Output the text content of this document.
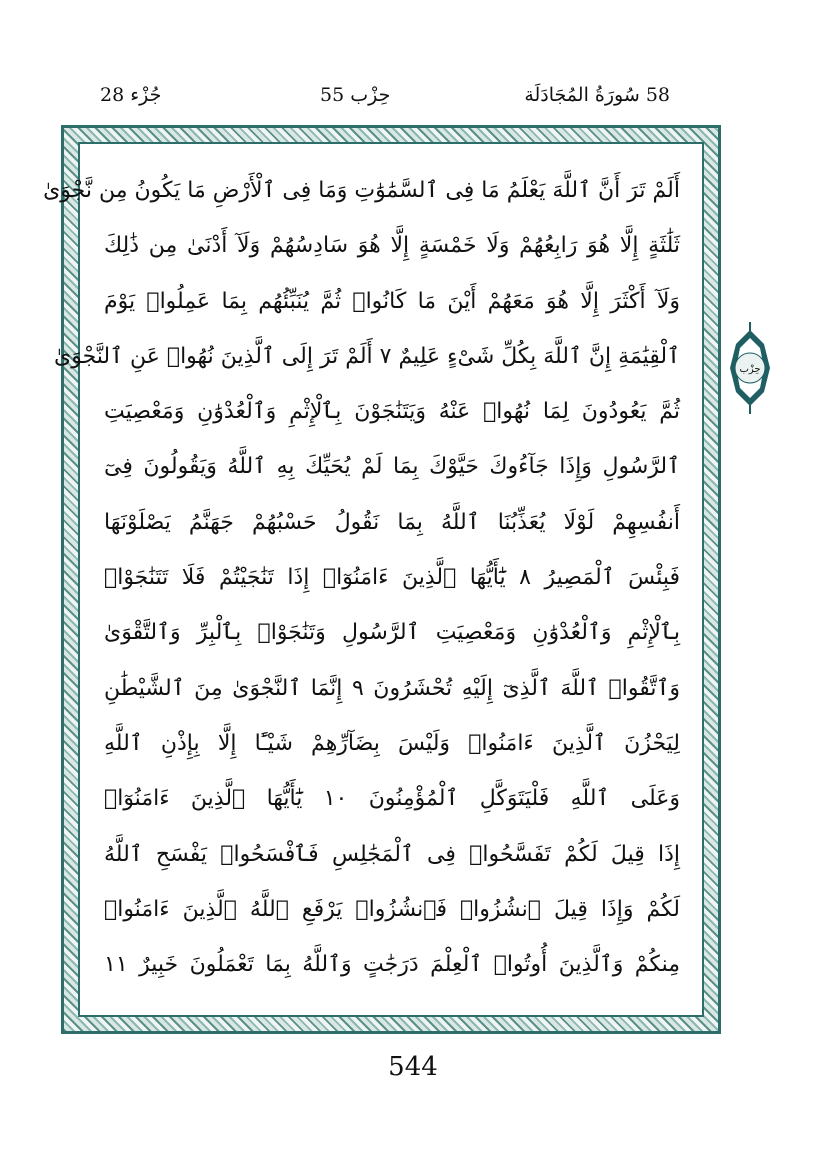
جُزْء 28	حِزْب 55	58 سُورَةُ المُجَادَلَة
أَلَمْ تَرَ أَنَّ ٱللَّهَ يَعْلَمُ مَا فِى ٱلسَّمَٰوَٰتِ وَمَا فِى ٱلْأَرْضِ مَا يَكُونُ مِن نَّجْوَىٰ
ثَلَٰثَةٍ إِلَّا هُوَ رَابِعُهُمْ وَلَا خَمْسَةٍ إِلَّا هُوَ سَادِسُهُمْ وَلَآ أَدْنَىٰ مِن ذَٰلِكَ
وَلَآ أَكْثَرَ إِلَّا هُوَ مَعَهُمْ أَيْنَ مَا كَانُوا۟ ثُمَّ يُنَبِّئُهُم بِمَا عَمِلُوا۟ يَوْمَ
ٱلْقِيَٰمَةِ إِنَّ ٱللَّهَ بِكُلِّ شَىْءٍ عَلِيمٌ ٧ أَلَمْ تَرَ إِلَى ٱلَّذِينَ نُهُوا۟ عَنِ ٱلنَّجْوَىٰ
ثُمَّ يَعُودُونَ لِمَا نُهُوا۟ عَنْهُ وَيَتَنَٰجَوْنَ بِٱلْإِثْمِ وَٱلْعُدْوَٰنِ وَمَعْصِيَتِ
ٱلرَّسُولِ وَإِذَا جَآءُوكَ حَيَّوْكَ بِمَا لَمْ يُحَيِّكَ بِهِ ٱللَّهُ وَيَقُولُونَ فِىٓ
أَنفُسِهِمْ لَوْلَا يُعَذِّبُنَا ٱللَّهُ بِمَا نَقُولُ حَسْبُهُمْ جَهَنَّمُ يَصْلَوْنَهَا
فَبِئْسَ ٱلْمَصِيرُ ٨ يَٰٓأَيُّهَا ٱلَّذِينَ ءَامَنُوٓا۟ إِذَا تَنَٰجَيْتُمْ فَلَا تَتَنَٰجَوْا۟
بِٱلْإِثْمِ وَٱلْعُدْوَٰنِ وَمَعْصِيَتِ ٱلرَّسُولِ وَتَنَٰجَوْا۟ بِٱلْبِرِّ وَٱلتَّقْوَىٰ
وَٱتَّقُوا۟ ٱللَّهَ ٱلَّذِىٓ إِلَيْهِ تُحْشَرُونَ ٩ إِنَّمَا ٱلنَّجْوَىٰ مِنَ ٱلشَّيْطَٰنِ
لِيَحْزُنَ ٱلَّذِينَ ءَامَنُوا۟ وَلَيْسَ بِضَآرِّهِمْ شَيْـًٔا إِلَّا بِإِذْنِ ٱللَّهِ
وَعَلَى ٱللَّهِ فَلْيَتَوَكَّلِ ٱلْمُؤْمِنُونَ ١٠ يَٰٓأَيُّهَا ٱلَّذِينَ ءَامَنُوٓا۟
إِذَا قِيلَ لَكُمْ تَفَسَّحُوا۟ فِى ٱلْمَجَٰلِسِ فَٱفْسَحُوا۟ يَفْسَحِ ٱللَّهُ
لَكُمْ وَإِذَا قِيلَ ٱنشُزُوا۟ فَٱنشُزُوا۟ يَرْفَعِ ٱللَّهُ ٱلَّذِينَ ءَامَنُوا۟
مِنكُمْ وَٱلَّذِينَ أُوتُوا۟ ٱلْعِلْمَ دَرَجَٰتٍ وَٱللَّهُ بِمَا تَعْمَلُونَ خَبِيرٌ ١١
حِزْب
544
